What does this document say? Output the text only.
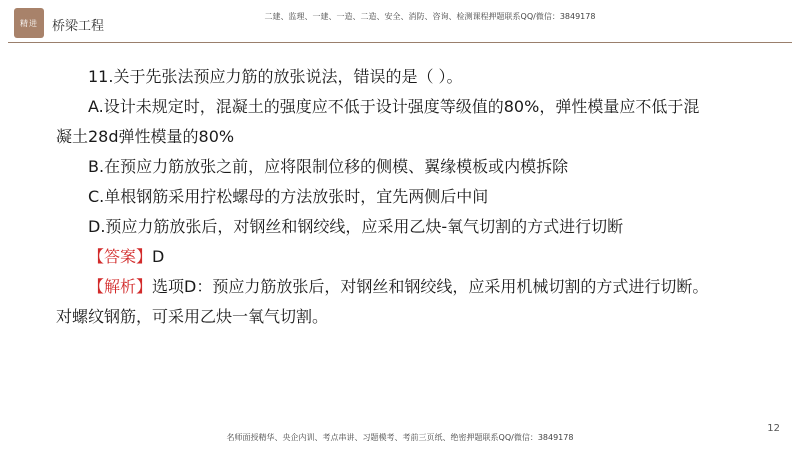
精进 桥梁工程
二建、监理、一建、一造、二造、安全、消防、咨询、检测课程押题联系QQ/微信：3849178

11.关于先张法预应力筋的放张说法，错误的是（ ）。

A.设计未规定时，混凝土的强度应不低于设计强度等级值的80%，弹性模量应不低于混

凝土28d弹性模量的80%

B.在预应力筋放张之前，应将限制位移的侧模、翼缘模板或内模拆除

C.单根钢筋采用拧松螺母的方法放张时，宜先两侧后中间

D.预应力筋放张后，对钢丝和钢绞线，应采用乙炔-氧气切割的方式进行切断

【答案】D

【解析】选项D：预应力筋放张后，对钢丝和钢绞线，应采用机械切割的方式进行切断。

对螺纹钢筋，可采用乙炔一氧气切割。

12
名师面授精华、央企内训、考点串讲、习题模考、考前三页纸、绝密押题联系QQ/微信：3849178
